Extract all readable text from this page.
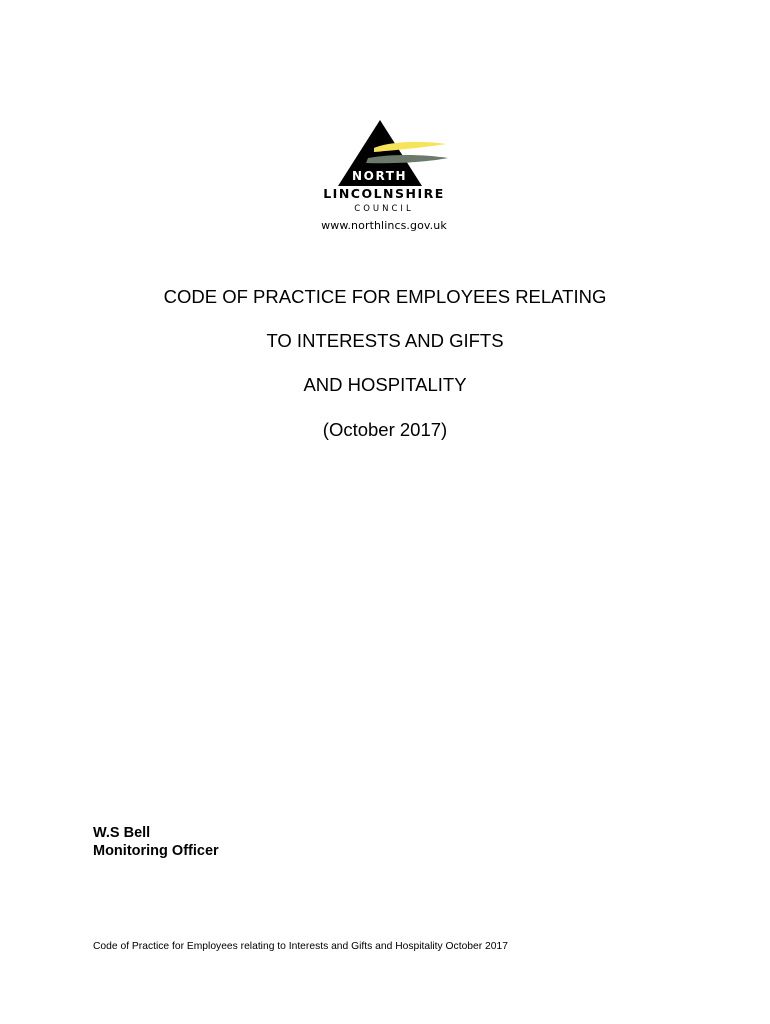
NORTH
LINCOLNSHIRE
COUNCIL
www.northlincs.gov.uk
CODE OF PRACTICE FOR EMPLOYEES RELATING
TO INTERESTS AND GIFTS
AND HOSPITALITY
(October 2017)
W.S Bell
Monitoring Officer
Code of Practice for Employees relating to Interests and Gifts and Hospitality October 2017
